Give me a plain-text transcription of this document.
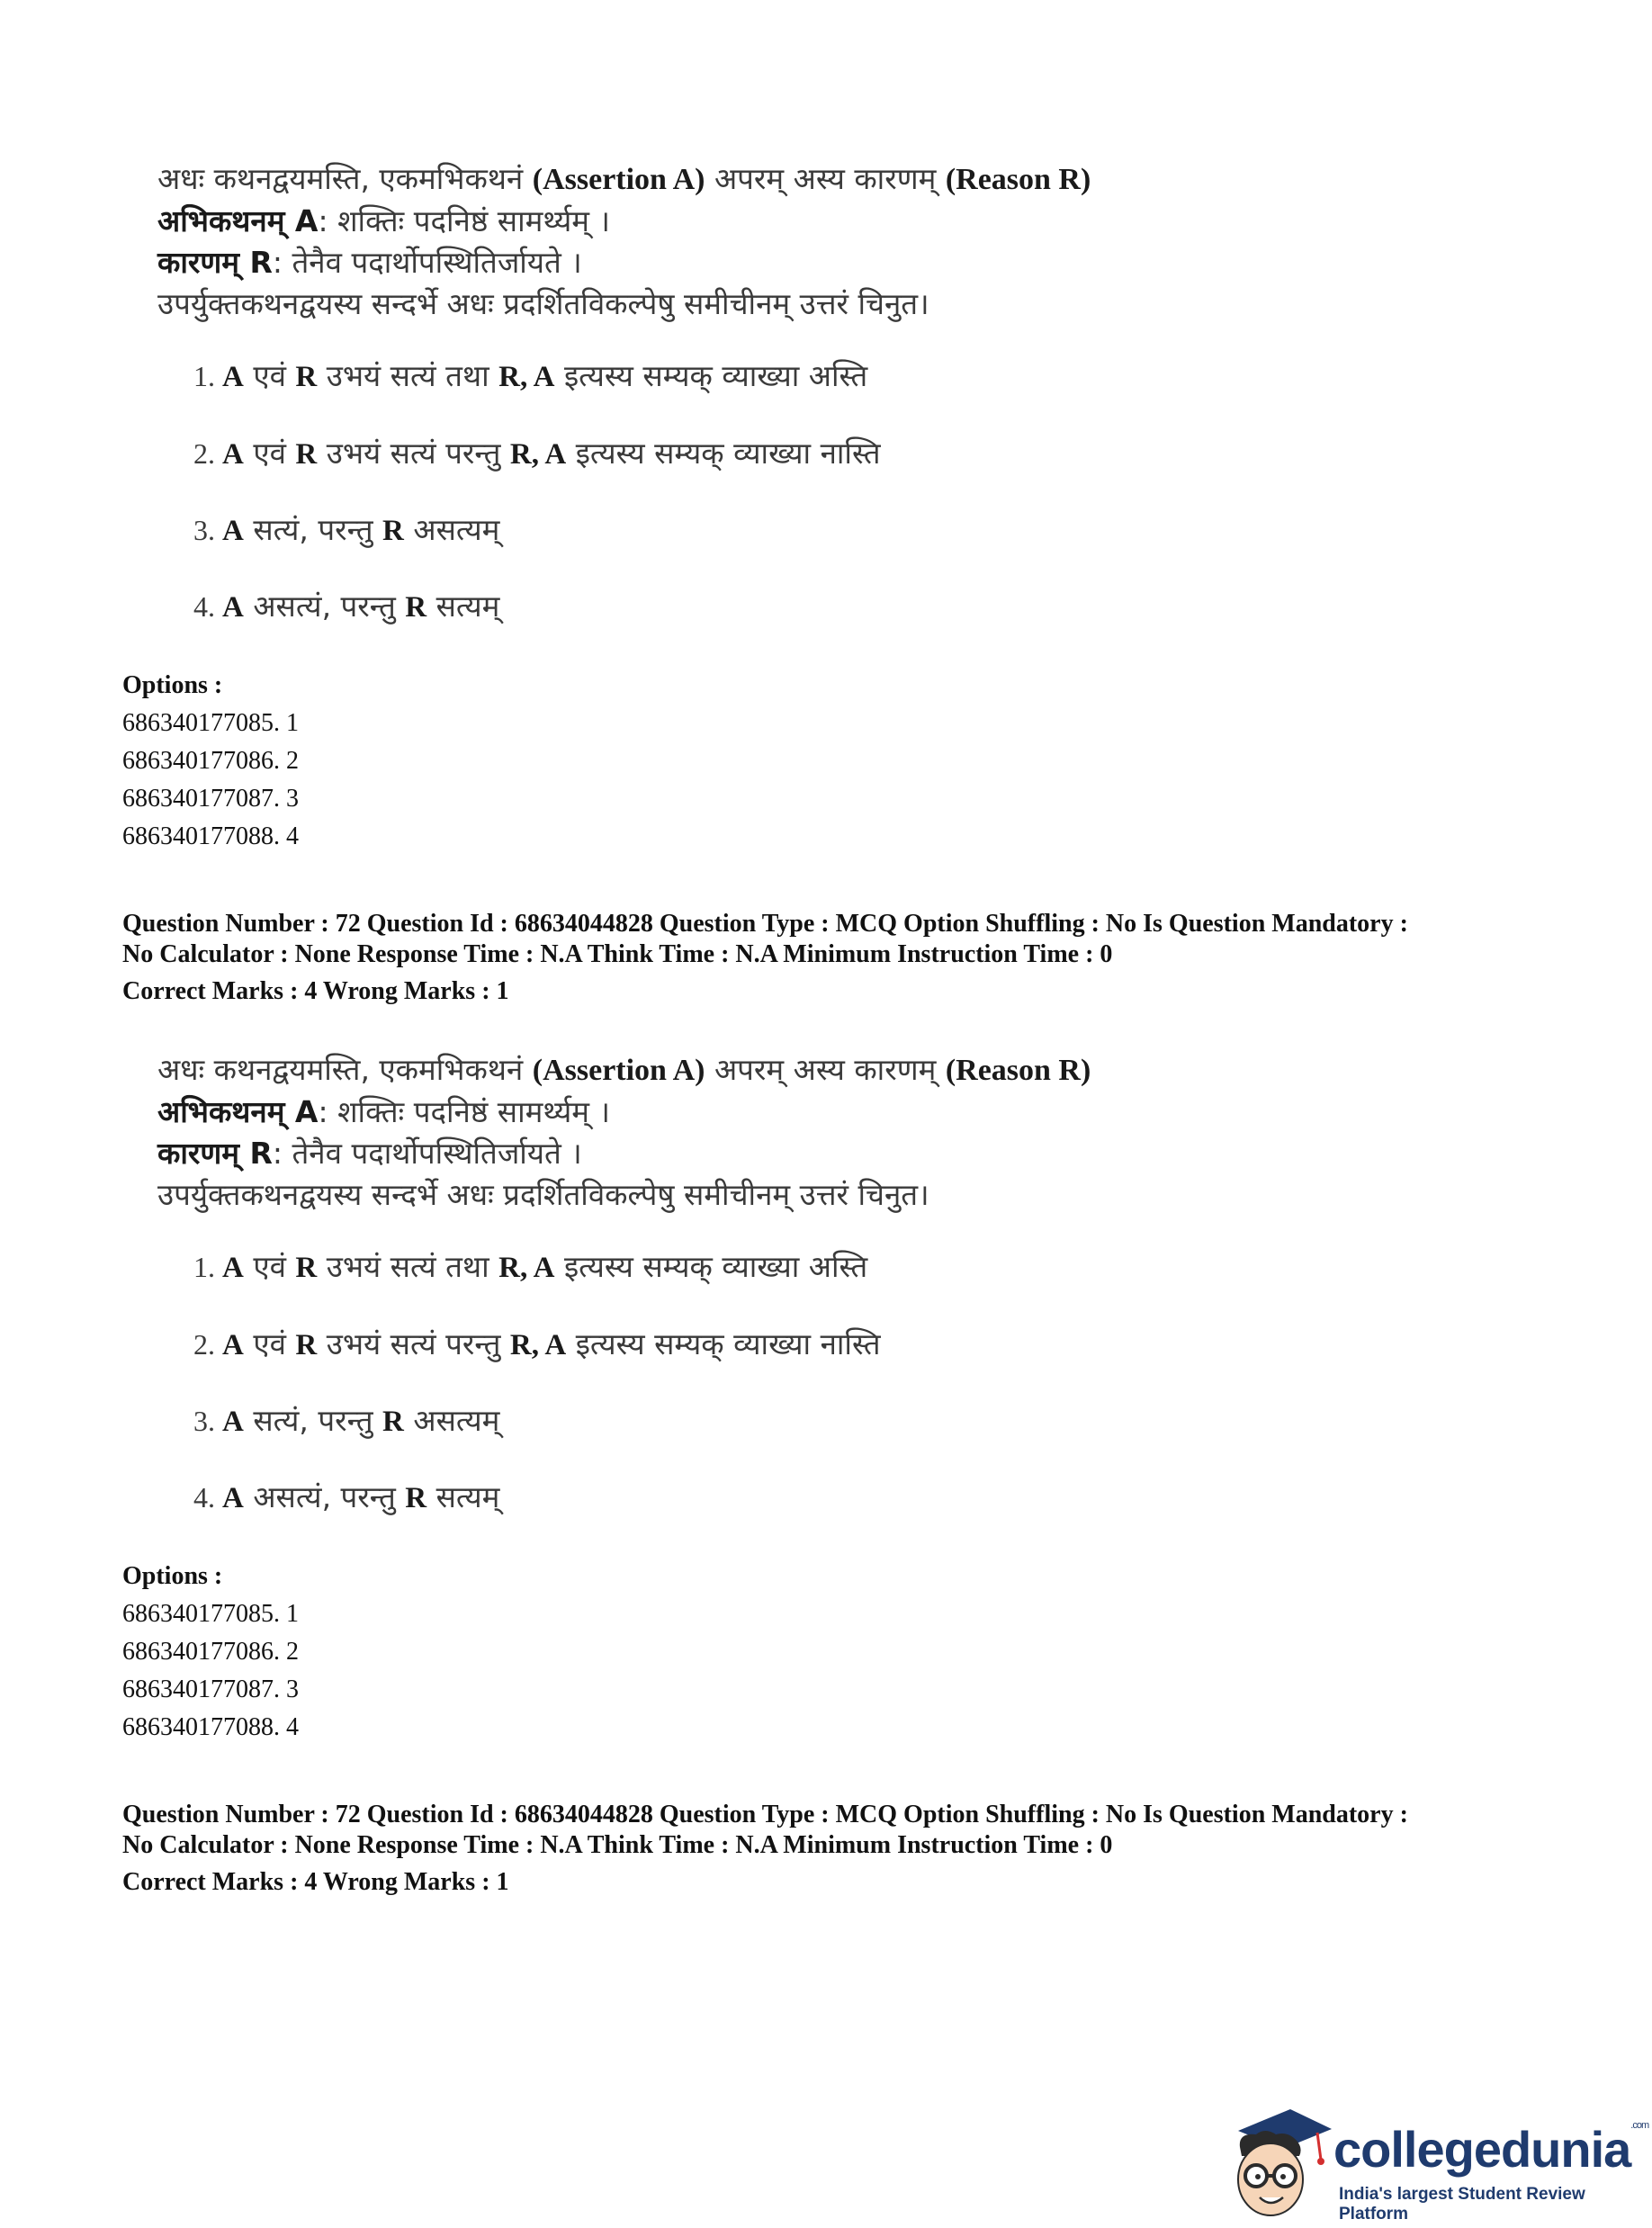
अधः कथनद्वयमस्ति, एकमभिकथनं (Assertion A) अपरम् अस्य कारणम् (Reason R)
अभिकथनम् A: शक्तिः पदनिष्ठं सामर्थ्यम् ।
कारणम् R: तेनैव पदार्थोपस्थितिर्जायते ।
उपर्युक्तकथनद्वयस्य सन्दर्भे अधः प्रदर्शितविकल्पेषु समीचीनम् उत्तरं चिनुत।
1. A एवं R उभयं सत्यं तथा R, A इत्यस्य सम्यक् व्याख्या अस्ति
2. A एवं R उभयं सत्यं परन्तु R, A इत्यस्य सम्यक् व्याख्या नास्ति
3. A सत्यं, परन्तु R असत्यम्
4. A असत्यं, परन्तु R सत्यम्
Options :
686340177085. 1
686340177086. 2
686340177087. 3
686340177088. 4
Question Number : 72 Question Id : 68634044828 Question Type : MCQ Option Shuffling : No Is Question Mandatory :
No Calculator : None Response Time : N.A Think Time : N.A Minimum Instruction Time : 0
Correct Marks : 4 Wrong Marks : 1
अधः कथनद्वयमस्ति, एकमभिकथनं (Assertion A) अपरम् अस्य कारणम् (Reason R)
अभिकथनम् A: शक्तिः पदनिष्ठं सामर्थ्यम् ।
कारणम् R: तेनैव पदार्थोपस्थितिर्जायते ।
उपर्युक्तकथनद्वयस्य सन्दर्भे अधः प्रदर्शितविकल्पेषु समीचीनम् उत्तरं चिनुत।
1. A एवं R उभयं सत्यं तथा R, A इत्यस्य सम्यक् व्याख्या अस्ति
2. A एवं R उभयं सत्यं परन्तु R, A इत्यस्य सम्यक् व्याख्या नास्ति
3. A सत्यं, परन्तु R असत्यम्
4. A असत्यं, परन्तु R सत्यम्
Options :
686340177085. 1
686340177086. 2
686340177087. 3
686340177088. 4
Question Number : 72 Question Id : 68634044828 Question Type : MCQ Option Shuffling : No Is Question Mandatory :
No Calculator : None Response Time : N.A Think Time : N.A Minimum Instruction Time : 0
Correct Marks : 4 Wrong Marks : 1
collegedunia$^{.com}$
India's largest Student Review Platform
